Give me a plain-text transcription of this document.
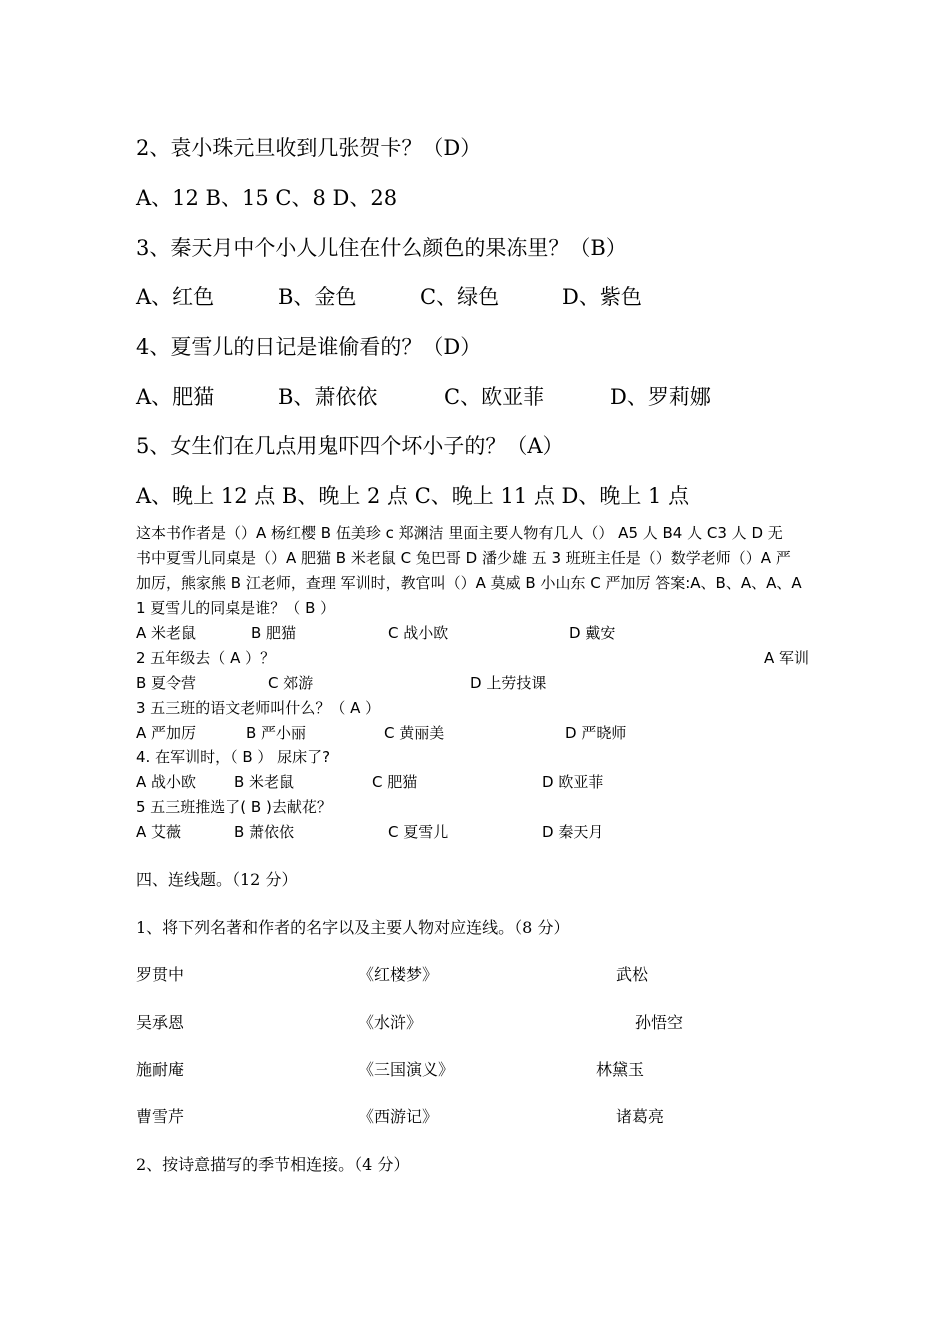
2、袁小珠元旦收到几张贺卡？（D）
A、12 B、15 C、8 D、28
3、秦天月中个小人儿住在什么颜色的果冻里？（B）
A、红色	B、金色	C、绿色	D、紫色
4、夏雪儿的日记是谁偷看的？（D）
A、肥猫	B、萧依依	C、欧亚菲	D、罗莉娜
5、女生们在几点用鬼吓四个坏小子的？（A）
A、晚上 12 点 B、晚上 2 点 C、晚上 11 点 D、晚上 1 点
这本书作者是（）A 杨红樱 B 伍美珍 c 郑渊洁 里面主要人物有几人（） A5 人 B4 人 C3 人 D 无
书中夏雪儿同桌是（）A 肥猫 B 米老鼠 C 兔巴哥 D 潘少雄 五 3 班班主任是（）数学老师（）A 严
加厉，熊家熊 B 江老师，查理 军训时，教官叫（）A 莫威 B 小山东 C 严加厉 答案:A、B、A、A、A
1 夏雪儿的同桌是谁？（ B ）
A 米老鼠	B 肥猫	C 战小欧	D 戴安
2 五年级去（ A ）？	A 军训
B 夏令营	C 郊游	D 上劳技课
3 五三班的语文老师叫什么？（ A ）
A 严加厉	B 严小丽	C 黄丽美	D 严晓师
4. 在军训时，（ B ） 尿床了?
A 战小欧	B 米老鼠	C 肥猫	D 欧亚菲
5 五三班推选了( B )去献花？
A 艾薇	B 萧依依	C 夏雪儿	D 秦天月
四、连线题。（12 分）
1、将下列名著和作者的名字以及主要人物对应连线。（8 分）
罗贯中	《红楼梦》	武松
吴承恩	《水浒》	孙悟空
施耐庵	《三国演义》	林黛玉
曹雪芹	《西游记》	诸葛亮
2、按诗意描写的季节相连接。（4 分）
